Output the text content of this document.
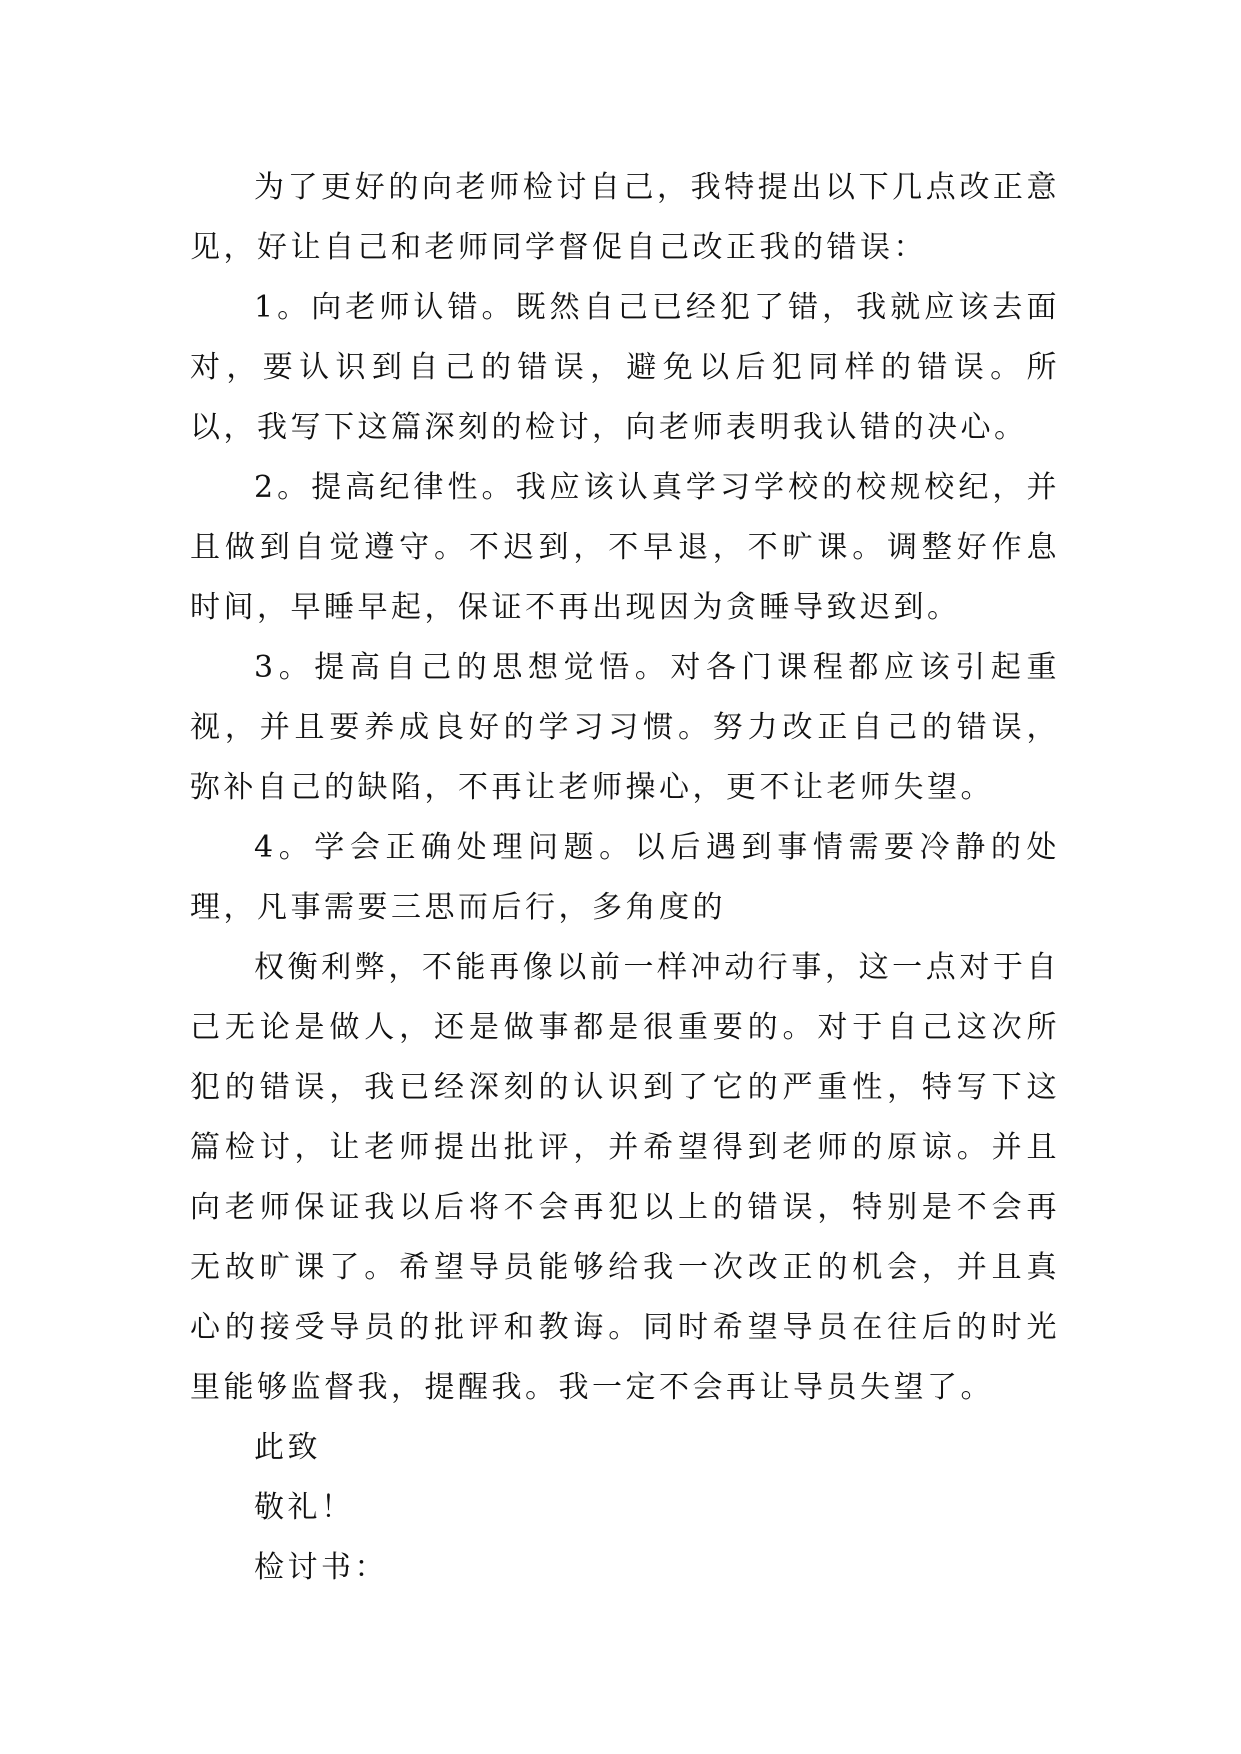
为了更好的向老师检讨自己，我特提出以下几点改正意见，好让自己和老师同学督促自己改正我的错误：

1。向老师认错。既然自己已经犯了错，我就应该去面对，要认识到自己的错误，避免以后犯同样的错误。所以，我写下这篇深刻的检讨，向老师表明我认错的决心。

2。提高纪律性。我应该认真学习学校的校规校纪，并且做到自觉遵守。不迟到，不早退，不旷课。调整好作息时间，早睡早起，保证不再出现因为贪睡导致迟到。

3。提高自己的思想觉悟。对各门课程都应该引起重视，并且要养成良好的学习习惯。努力改正自己的错误，弥补自己的缺陷，不再让老师操心，更不让老师失望。

4。学会正确处理问题。以后遇到事情需要冷静的处理，凡事需要三思而后行，多角度的

权衡利弊，不能再像以前一样冲动行事，这一点对于自己无论是做人，还是做事都是很重要的。对于自己这次所犯的错误，我已经深刻的认识到了它的严重性，特写下这篇检讨，让老师提出批评，并希望得到老师的原谅。并且向老师保证我以后将不会再犯以上的错误，特别是不会再无故旷课了。希望导员能够给我一次改正的机会，并且真心的接受导员的批评和教诲。同时希望导员在往后的时光里能够监督我，提醒我。我一定不会再让导员失望了。

此致

敬礼！

检讨书：
